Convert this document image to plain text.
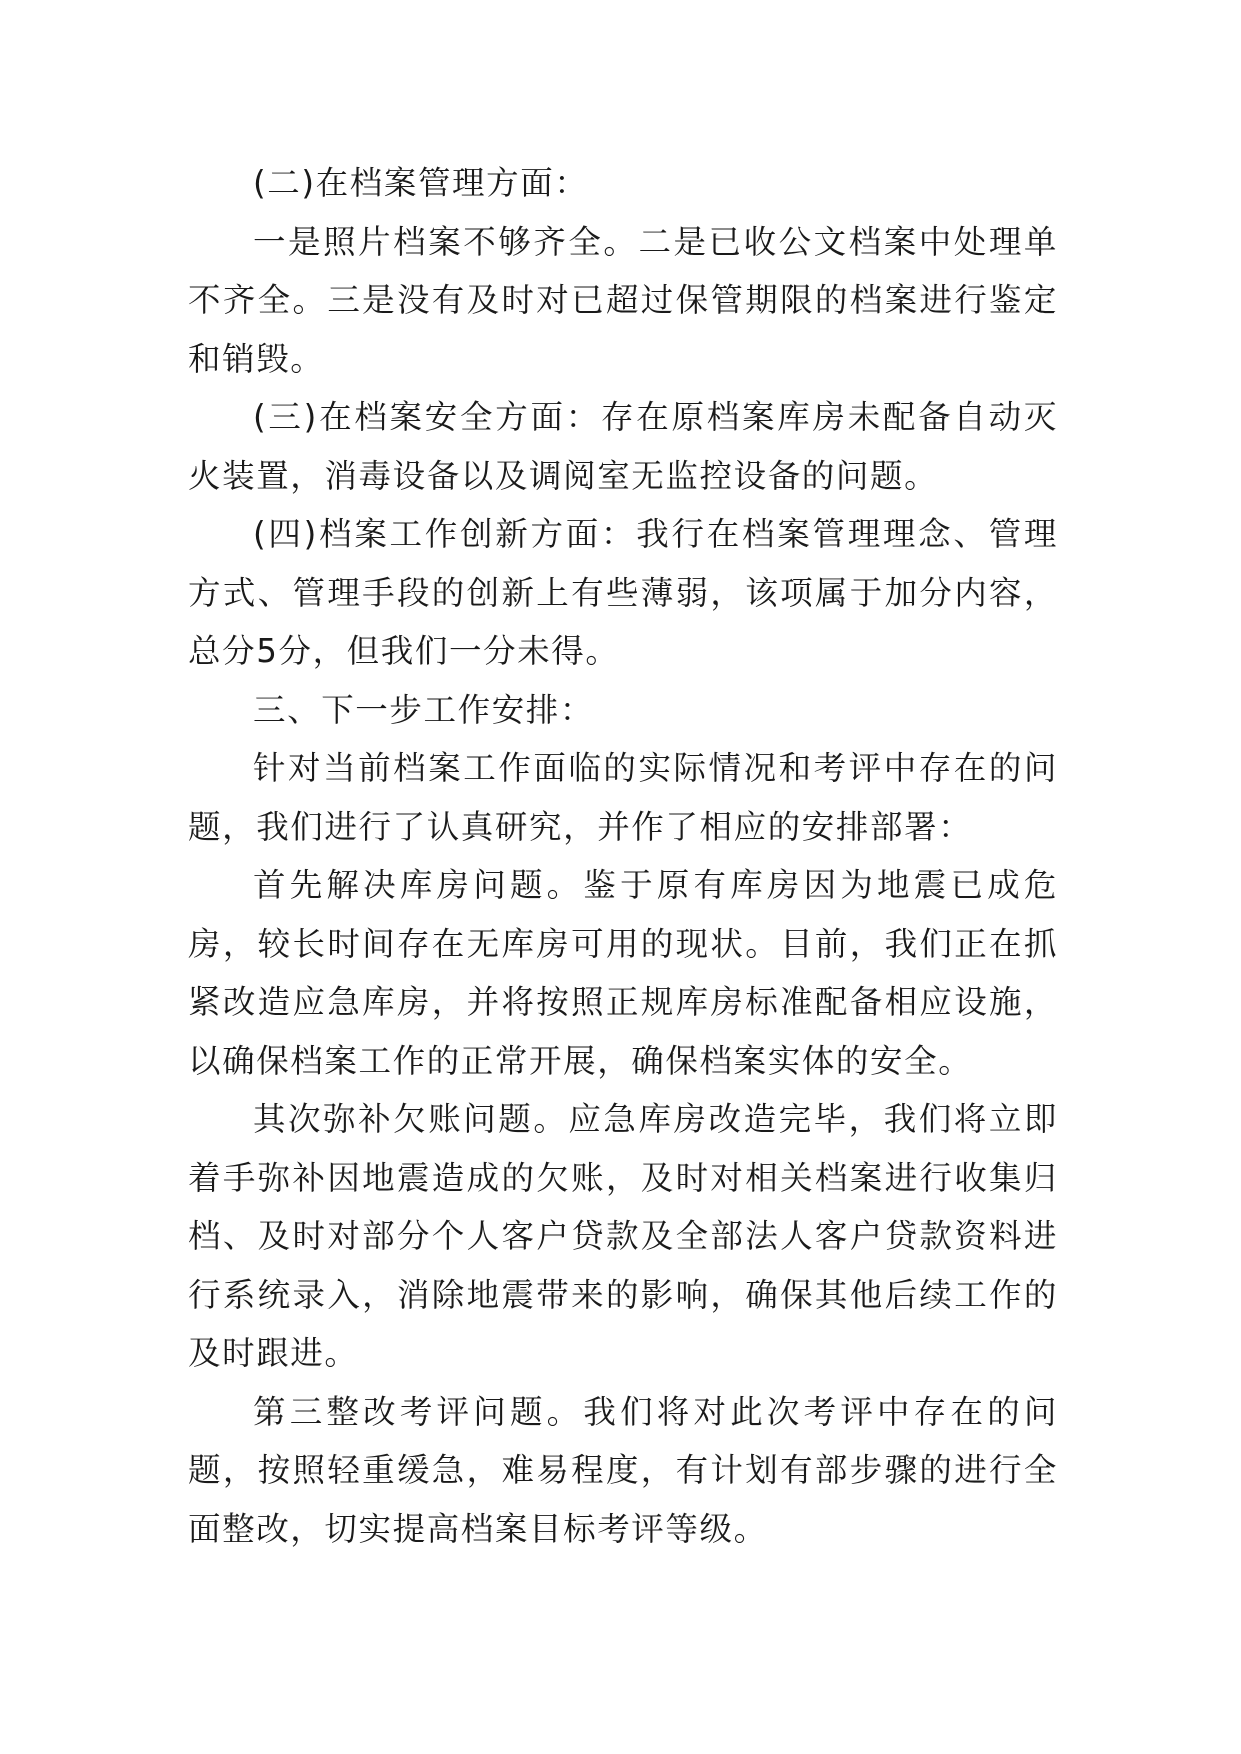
(二)在档案管理方面：

一是照片档案不够齐全。二是已收公文档案中处理单不齐全。三是没有及时对已超过保管期限的档案进行鉴定和销毁。

(三)在档案安全方面：存在原档案库房未配备自动灭火装置，消毒设备以及调阅室无监控设备的问题。

(四)档案工作创新方面：我行在档案管理理念、管理方式、管理手段的创新上有些薄弱，该项属于加分内容，总分5分，但我们一分未得。

三、下一步工作安排：

针对当前档案工作面临的实际情况和考评中存在的问题，我们进行了认真研究，并作了相应的安排部署：

首先解决库房问题。鉴于原有库房因为地震已成危房，较长时间存在无库房可用的现状。目前，我们正在抓紧改造应急库房，并将按照正规库房标准配备相应设施，以确保档案工作的正常开展，确保档案实体的安全。

其次弥补欠账问题。应急库房改造完毕，我们将立即着手弥补因地震造成的欠账，及时对相关档案进行收集归档、及时对部分个人客户贷款及全部法人客户贷款资料进行系统录入，消除地震带来的影响，确保其他后续工作的及时跟进。

第三整改考评问题。我们将对此次考评中存在的问题，按照轻重缓急，难易程度，有计划有部步骤的进行全面整改，切实提高档案目标考评等级。
